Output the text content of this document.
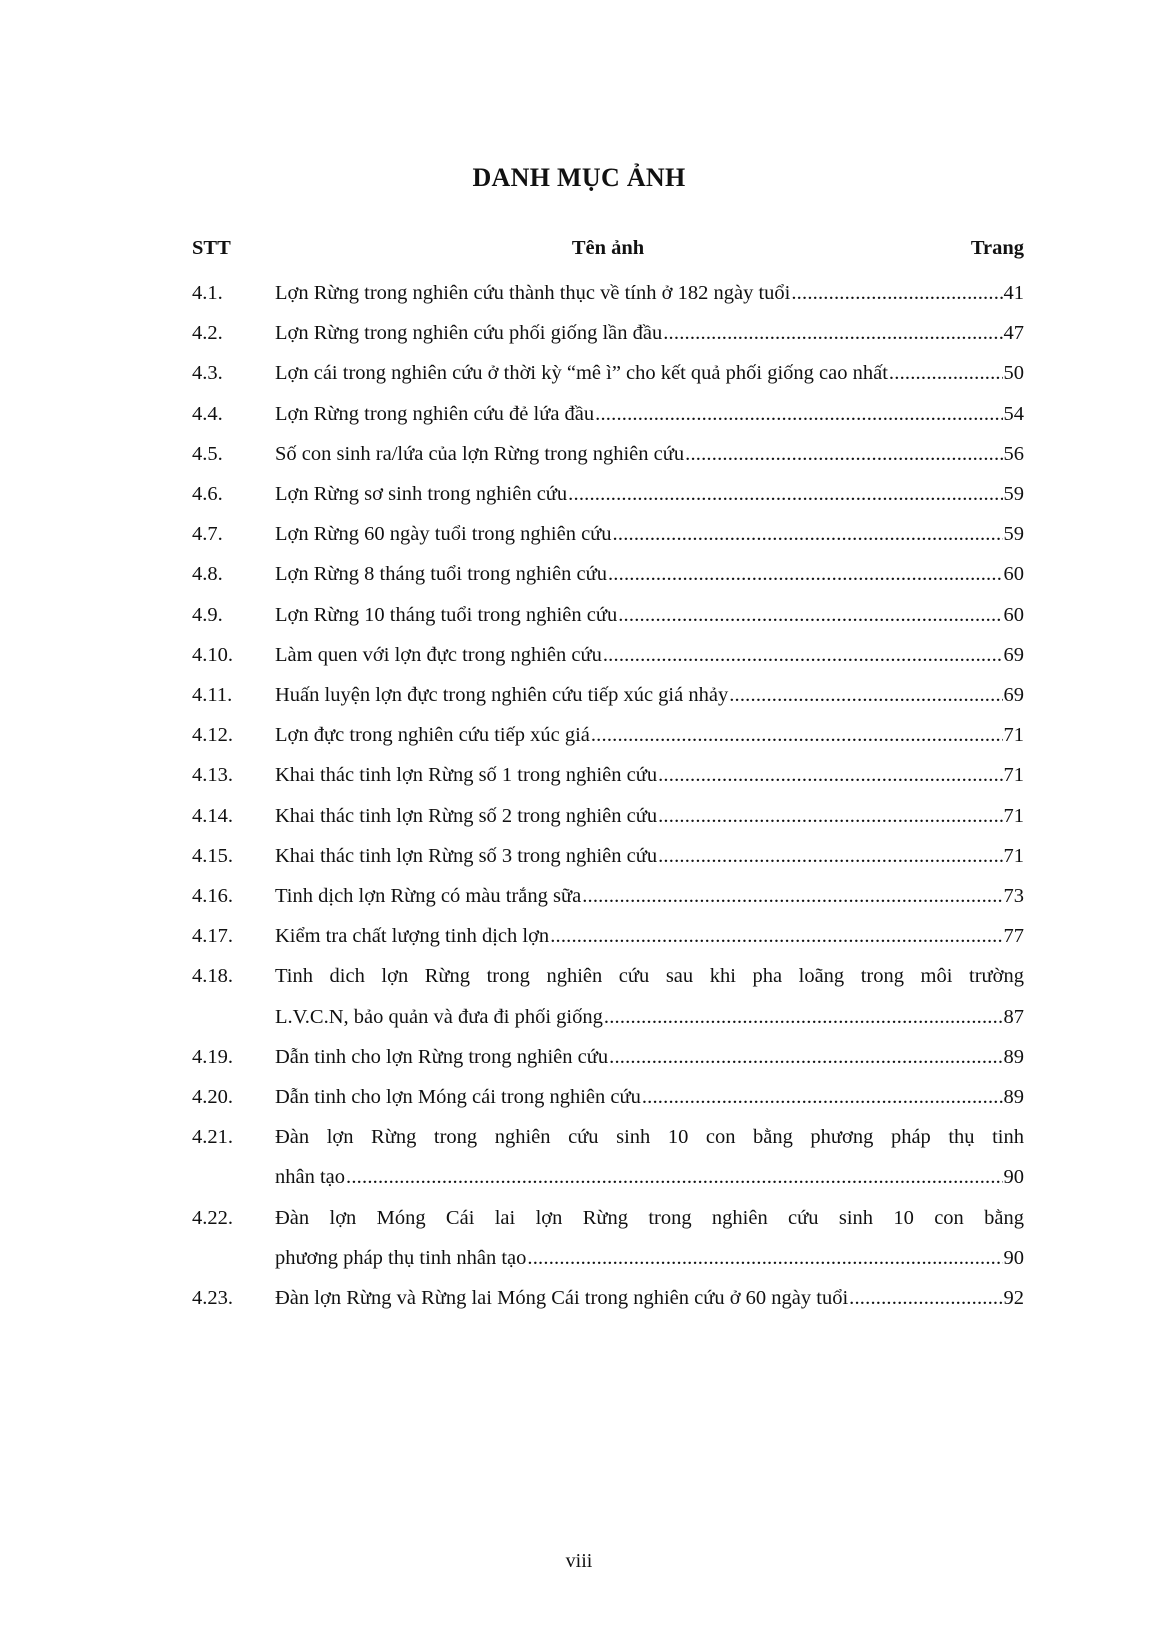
DANH MỤC ẢNH
STT	Tên ảnh	Trang
4.1.	Lợn Rừng trong nghiên cứu thành thục về tính ở 182 ngày tuổi .....	41
4.2.	Lợn Rừng trong nghiên cứu phối giống lần đầu .....	47
4.3.	Lợn cái trong nghiên cứu ở thời kỳ “mê ì” cho kết quả phối giống cao nhất .....	50
4.4.	Lợn Rừng trong nghiên cứu đẻ lứa đầu .....	54
4.5.	Số con sinh ra/lứa của lợn Rừng trong nghiên cứu .....	56
4.6.	Lợn Rừng sơ sinh trong nghiên cứu .....	59
4.7.	Lợn Rừng 60 ngày tuổi trong nghiên cứu .....	59
4.8.	Lợn Rừng 8 tháng tuổi trong nghiên cứu .....	60
4.9.	Lợn Rừng 10 tháng tuổi trong nghiên cứu .....	60
4.10. Làm quen với lợn đực trong nghiên cứu .....	69
4.11. Huấn luyện lợn đực trong nghiên cứu tiếp xúc giá nhảy .....	69
4.12. Lợn đực trong nghiên cứu tiếp xúc giá .....	71
4.13. Khai thác tinh lợn Rừng số 1 trong nghiên cứu .....	71
4.14. Khai thác tinh lợn Rừng số 2 trong nghiên cứu .....	71
4.15. Khai thác tinh lợn Rừng số 3 trong nghiên cứu .....	71
4.16. Tinh dịch lợn Rừng có màu trắng sữa .....	73
4.17. Kiểm tra chất lượng tinh dịch lợn .....	77
4.18. Tinh dich lợn Rừng trong nghiên cứu sau khi pha loãng trong môi trường
L.V.C.N, bảo quản và đưa đi phối giống .....	87
4.19. Dẫn tinh cho lợn Rừng trong nghiên cứu .....	89
4.20. Dẫn tinh cho lợn Móng cái trong nghiên cứu .....	89
4.21. Đàn lợn Rừng trong nghiên cứu sinh 10 con bằng phương pháp thụ tinh
nhân tạo .....	90
4.22. Đàn lợn Móng Cái lai lợn Rừng trong nghiên cứu sinh 10 con bằng
phương pháp thụ tinh nhân tạo .....	90
4.23. Đàn lợn Rừng và Rừng lai Móng Cái trong nghiên cứu ở 60 ngày tuổi .....	92
viii
